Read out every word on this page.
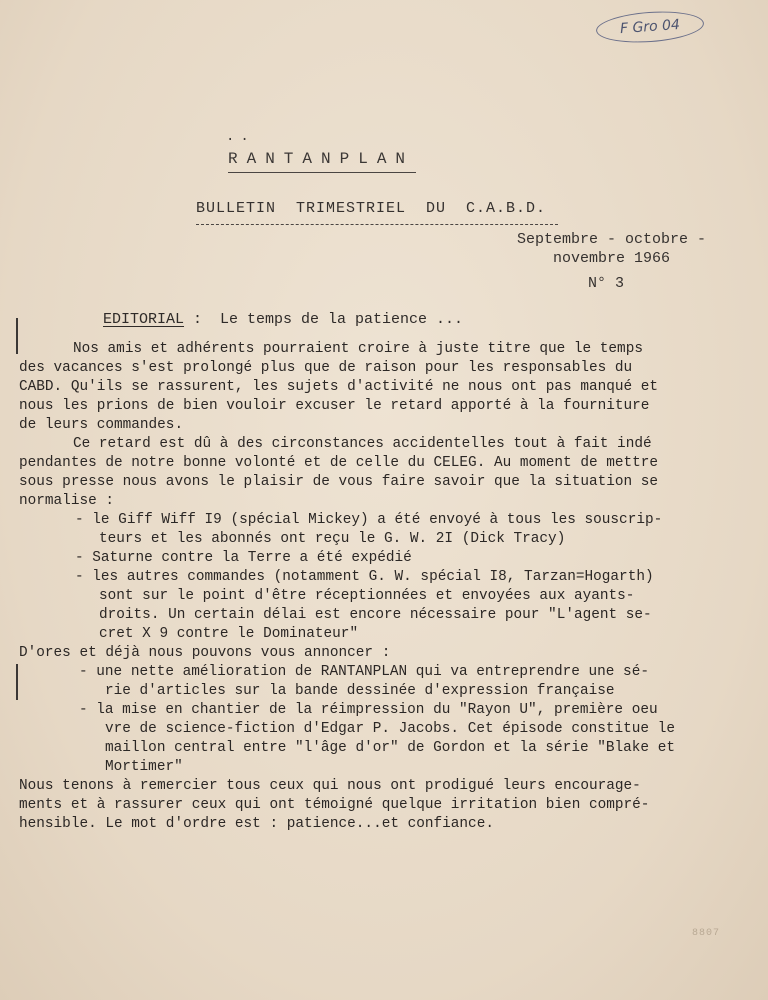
F Gro 04
··
RANTANPLAN
BULLETIN  TRIMESTRIEL  DU  C.A.B.D.
Septembre - octobre -
novembre 1966
N° 3
EDITORIAL :  Le temps de la patience ...

Nos amis et adhérents pourraient croire à juste titre que le temps

des vacances s'est prolongé plus que de raison pour les responsables du

CABD. Qu'ils se rassurent, les sujets d'activité ne nous ont pas manqué et

nous les prions de bien vouloir excuser le retard apporté à la fourniture

de leurs commandes.

Ce retard est dû à des circonstances accidentelles tout à fait indé

pendantes de notre bonne volonté et de celle du CELEG. Au moment de mettre

sous presse nous avons le plaisir de vous faire savoir que la situation se

normalise :

- le Giff Wiff I9 (spécial Mickey) a été envoyé à tous les souscrip-

teurs et les abonnés ont reçu le G. W. 2I (Dick Tracy)

- Saturne contre la Terre a été expédié

- les autres commandes (notamment G. W. spécial I8, Tarzan=Hogarth)

sont sur le point d'être réceptionnées et envoyées aux ayants-

droits. Un certain délai est encore nécessaire pour "L'agent se-

cret X 9 contre le Dominateur"

D'ores et déjà nous pouvons vous annoncer :

- une nette amélioration de RANTANPLAN qui va entreprendre une sé-

rie d'articles sur la bande dessinée d'expression française

- la mise en chantier de la réimpression du "Rayon U", première oeu

vre de science-fiction d'Edgar P. Jacobs. Cet épisode constitue le

maillon central entre "l'âge d'or" de Gordon et la série "Blake et

Mortimer"

Nous tenons à remercier tous ceux qui nous ont prodigué leurs encourage-

ments et à rassurer ceux qui ont témoigné quelque irritation bien compré-

hensible. Le mot d'ordre est : patience...et confiance.

8807
